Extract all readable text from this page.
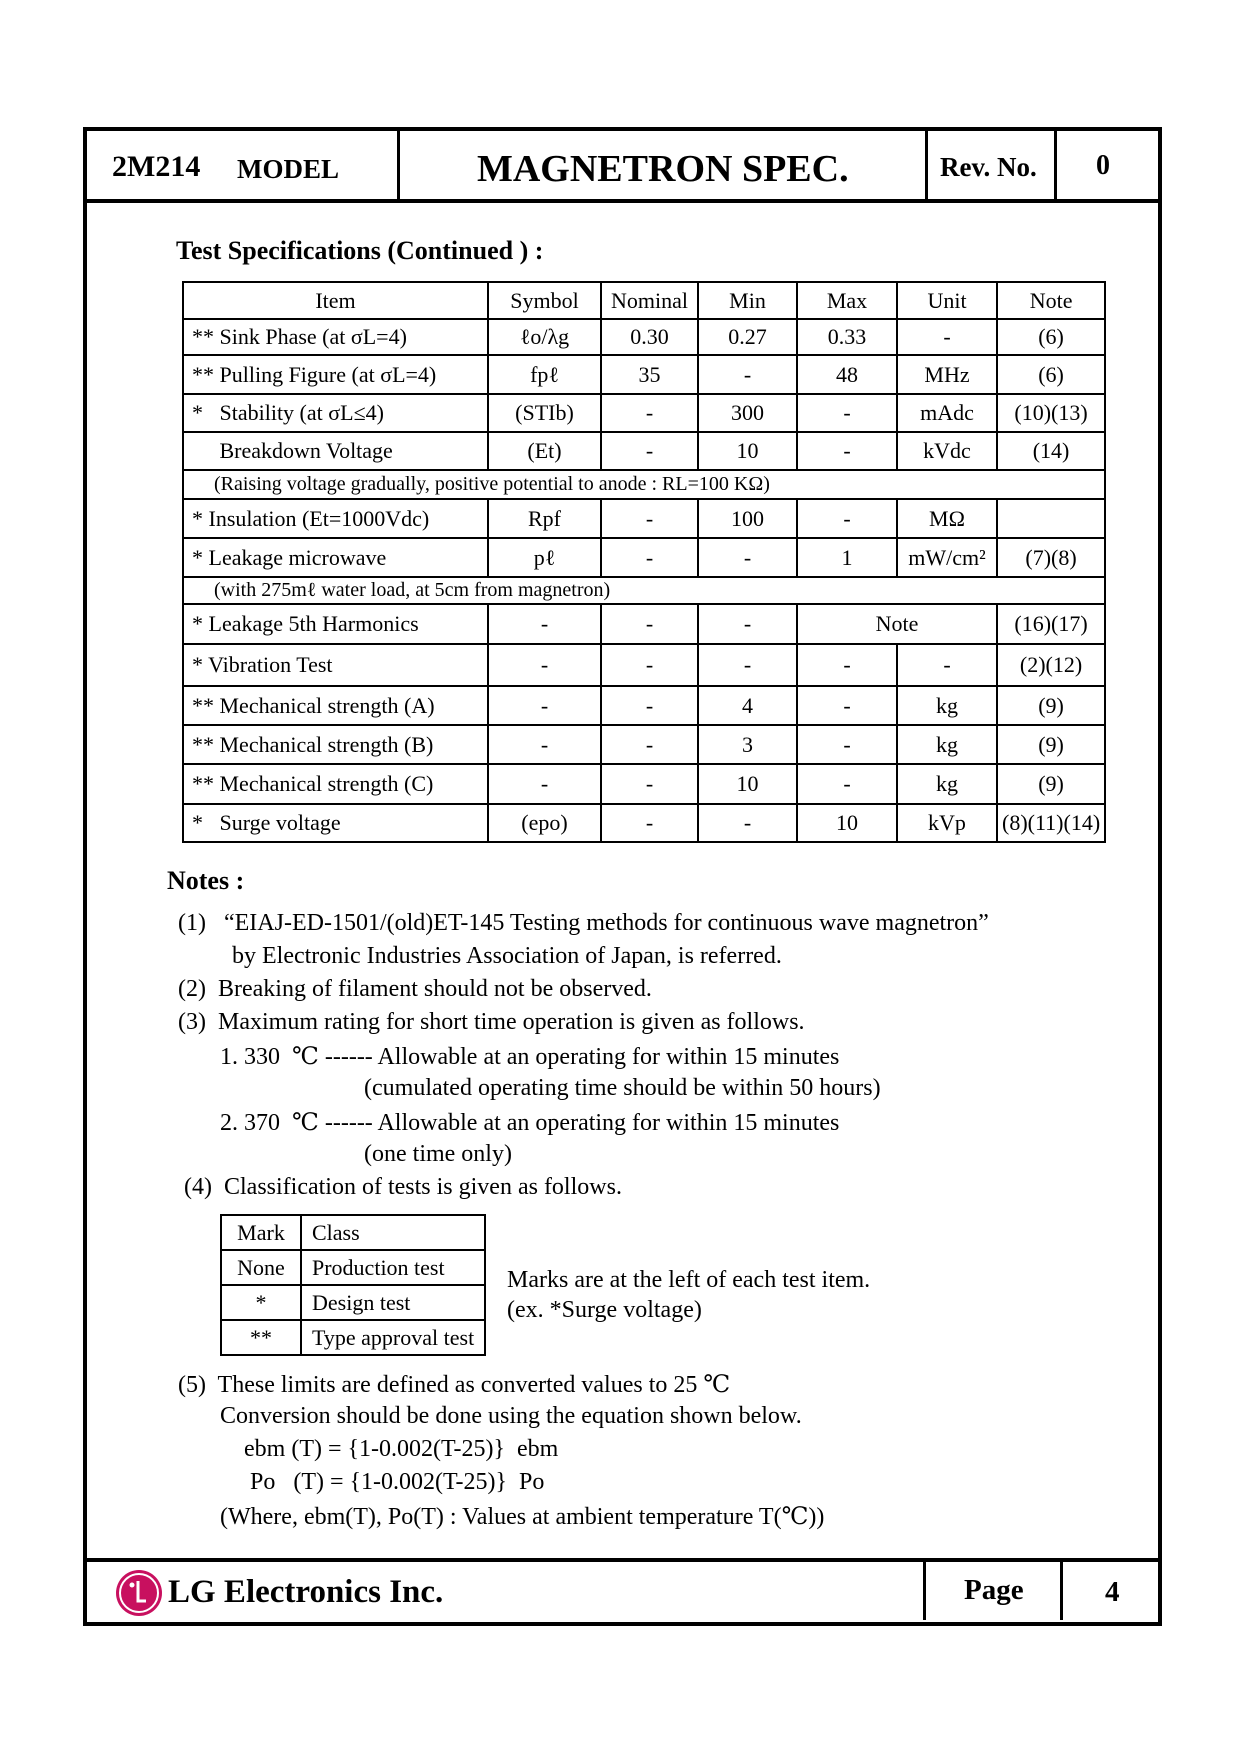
2M214 MODEL	MAGNETRON SPEC.	Rev. No. 0
Test Specifications (Continued ) :
Item	Symbol	Nominal	Min	Max	Unit	Note
** Sink Phase (at σL=4)	ℓo/λg	0.30	0.27	0.33	-	(6)
** Pulling Figure (at σL=4)	fpℓ	35	-	48	MHz	(6)
*   Stability (at σL≤4)	(STIb)	-	300	-	mAdc	(10)(13)
Breakdown Voltage	(Et)	-	10	-	kVdc	(14)
(Raising voltage gradually, positive potential to anode : RL=100 KΩ)						
* Insulation (Et=1000Vdc)	Rpf	-	100	-	MΩ	
* Leakage microwave	pℓ	-	-	1	mW/cm²	(7)(8)
(with 275mℓ water load, at 5cm from magnetron)						
* Leakage 5th Harmonics	-	-	-	Note		(16)(17)
* Vibration Test	-	-	-	-	-	(2)(12)
** Mechanical strength (A)	-	-	4	-	kg	(9)
** Mechanical strength (B)	-	-	3	-	kg	(9)
** Mechanical strength (C)	-	-	10	-	kg	(9)
*   Surge voltage	(epo)	-	-	10	kVp	(8)(11)(14)
Notes :
(1)   “EIAJ-ED-1501/(old)ET-145 Testing methods for continuous wave magnetron”
by Electronic Industries Association of Japan, is referred.
(2)  Breaking of filament should not be observed.
(3)  Maximum rating for short time operation is given as follows.
1. 330  ℃ ------ Allowable at an operating for within 15 minutes
(cumulated operating time should be within 50 hours)
2. 370  ℃ ------ Allowable at an operating for within 15 minutes
(one time only)
(4)  Classification of tests is given as follows.
Mark	Class
None	Production test
*	Design test
**	Type approval test
Marks are at the left of each test item.
(ex. *Surge voltage)
(5)  These limits are defined as converted values to 25 ℃
Conversion should be done using the equation shown below.
ebm (T) = {1-0.002(T-25)}  ebm
Po   (T) = {1-0.002(T-25)}  Po
(Where, ebm(T), Po(T) : Values at ambient temperature T(℃))
LG Electronics Inc.	Page	4
